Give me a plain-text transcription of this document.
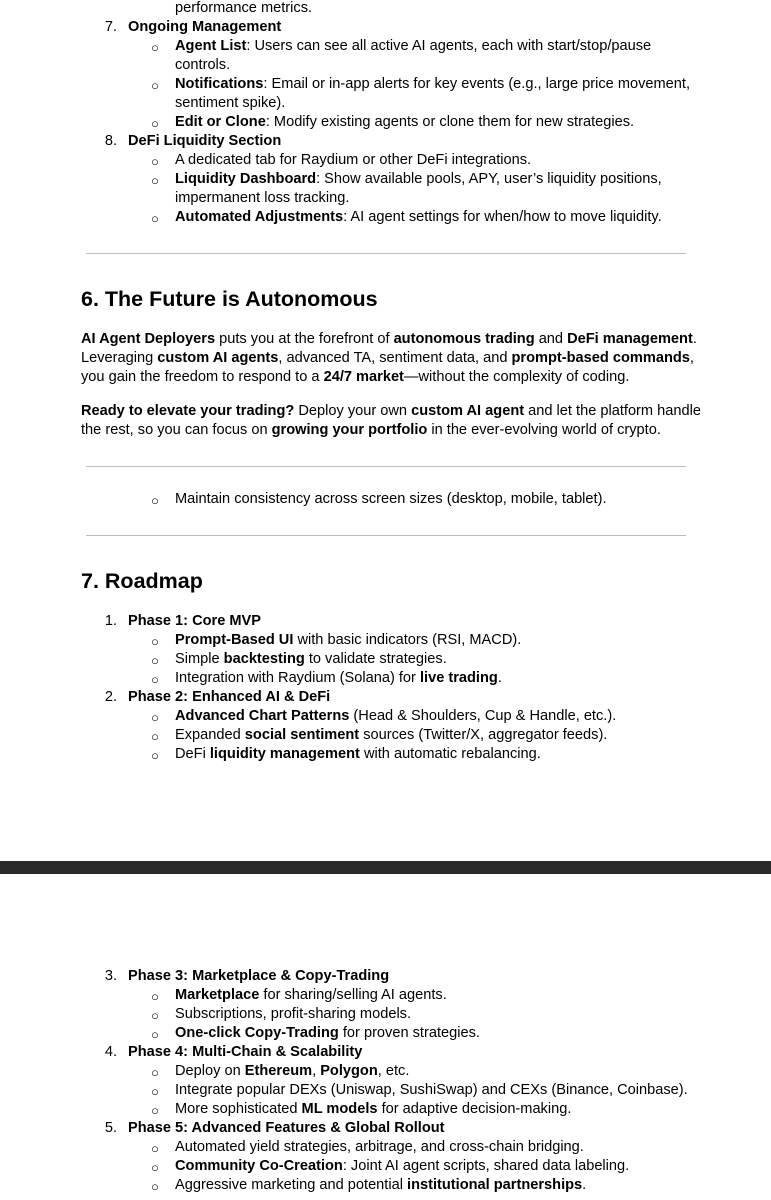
performance metrics.
7. Ongoing Management
○ Agent List: Users can see all active AI agents, each with start/stop/pause
controls.
○ Notifications: Email or in-app alerts for key events (e.g., large price movement,
sentiment spike).
○ Edit or Clone: Modify existing agents or clone them for new strategies.
8. DeFi Liquidity Section
○ A dedicated tab for Raydium or other DeFi integrations.
○ Liquidity Dashboard: Show available pools, APY, user’s liquidity positions,
impermanent loss tracking.
○ Automated Adjustments: AI agent settings for when/how to move liquidity.
6. The Future is Autonomous
AI Agent Deployers puts you at the forefront of autonomous trading and DeFi management. Leveraging custom AI agents, advanced TA, sentiment data, and prompt-based commands, you gain the freedom to respond to a 24/7 market—without the complexity of coding.
Ready to elevate your trading? Deploy your own custom AI agent and let the platform handle the rest, so you can focus on growing your portfolio in the ever-evolving world of crypto.
○ Maintain consistency across screen sizes (desktop, mobile, tablet).
7. Roadmap
1. Phase 1: Core MVP
○ Prompt-Based UI with basic indicators (RSI, MACD).
○ Simple backtesting to validate strategies.
○ Integration with Raydium (Solana) for live trading.
2. Phase 2: Enhanced AI & DeFi
○ Advanced Chart Patterns (Head & Shoulders, Cup & Handle, etc.).
○ Expanded social sentiment sources (Twitter/X, aggregator feeds).
○ DeFi liquidity management with automatic rebalancing.
3. Phase 3: Marketplace & Copy-Trading
○ Marketplace for sharing/selling AI agents.
○ Subscriptions, profit-sharing models.
○ One-click Copy-Trading for proven strategies.
4. Phase 4: Multi-Chain & Scalability
○ Deploy on Ethereum, Polygon, etc.
○ Integrate popular DEXs (Uniswap, SushiSwap) and CEXs (Binance, Coinbase).
○ More sophisticated ML models for adaptive decision-making.
5. Phase 5: Advanced Features & Global Rollout
○ Automated yield strategies, arbitrage, and cross-chain bridging.
○ Community Co-Creation: Joint AI agent scripts, shared data labeling.
○ Aggressive marketing and potential institutional partnerships.
